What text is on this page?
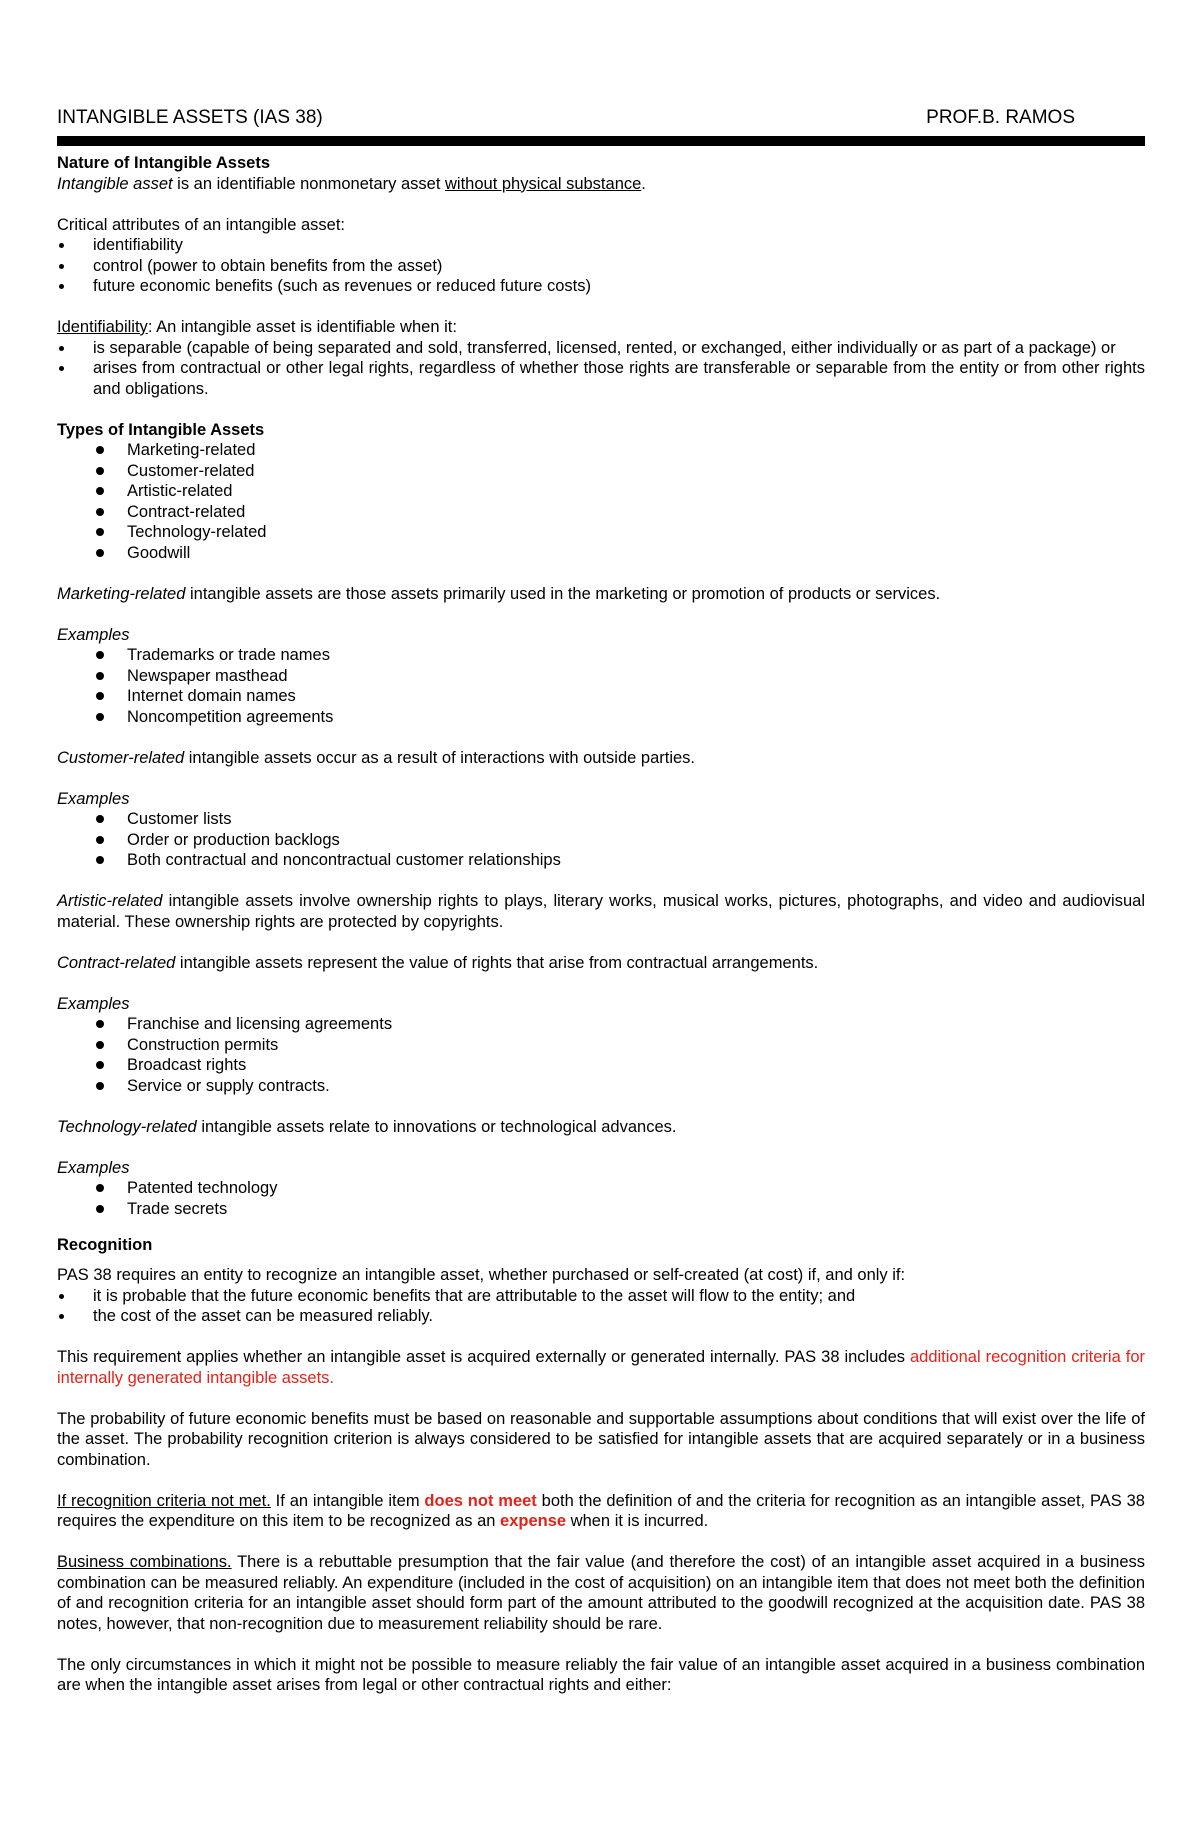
INTANGIBLE ASSETS (IAS 38)	PROF.B. RAMOS

Nature of Intangible Assets

Intangible asset is an identifiable nonmonetary asset without physical substance.

Critical attributes of an intangible asset:

identifiability
control (power to obtain benefits from the asset)
future economic benefits (such as revenues or reduced future costs)

Identifiability: An intangible asset is identifiable when it:

is separable (capable of being separated and sold, transferred, licensed, rented, or exchanged, either individually or as part of a package) or
arises from contractual or other legal rights, regardless of whether those rights are transferable or separable from the entity or from other rights and obligations.

Types of Intangible Assets

Marketing-related
Customer-related
Artistic-related
Contract-related
Technology-related
Goodwill

Marketing-related intangible assets are those assets primarily used in the marketing or promotion of products or services.

Examples

Trademarks or trade names
Newspaper masthead
Internet domain names
Noncompetition agreements

Customer-related intangible assets occur as a result of interactions with outside parties.

Examples

Customer lists
Order or production backlogs
Both contractual and noncontractual customer relationships

Artistic-related intangible assets involve ownership rights to plays, literary works, musical works, pictures, photographs, and video and audiovisual material. These ownership rights are protected by copyrights.

Contract-related intangible assets represent the value of rights that arise from contractual arrangements.

Examples

Franchise and licensing agreements
Construction permits
Broadcast rights
Service or supply contracts.

Technology-related intangible assets relate to innovations or technological advances.

Examples

Patented technology
Trade secrets

Recognition

PAS 38 requires an entity to recognize an intangible asset, whether purchased or self-created (at cost) if, and only if:

it is probable that the future economic benefits that are attributable to the asset will flow to the entity; and
the cost of the asset can be measured reliably.

This requirement applies whether an intangible asset is acquired externally or generated internally. PAS 38 includes additional recognition criteria for internally generated intangible assets.

The probability of future economic benefits must be based on reasonable and supportable assumptions about conditions that will exist over the life of the asset. The probability recognition criterion is always considered to be satisfied for intangible assets that are acquired separately or in a business combination.

If recognition criteria not met. If an intangible item does not meet both the definition of and the criteria for recognition as an intangible asset, PAS 38 requires the expenditure on this item to be recognized as an expense when it is incurred.

Business combinations. There is a rebuttable presumption that the fair value (and therefore the cost) of an intangible asset acquired in a business combination can be measured reliably. An expenditure (included in the cost of acquisition) on an intangible item that does not meet both the definition of and recognition criteria for an intangible asset should form part of the amount attributed to the goodwill recognized at the acquisition date. PAS 38 notes, however, that non-recognition due to measurement reliability should be rare.

The only circumstances in which it might not be possible to measure reliably the fair value of an intangible asset acquired in a business combination are when the intangible asset arises from legal or other contractual rights and either:
